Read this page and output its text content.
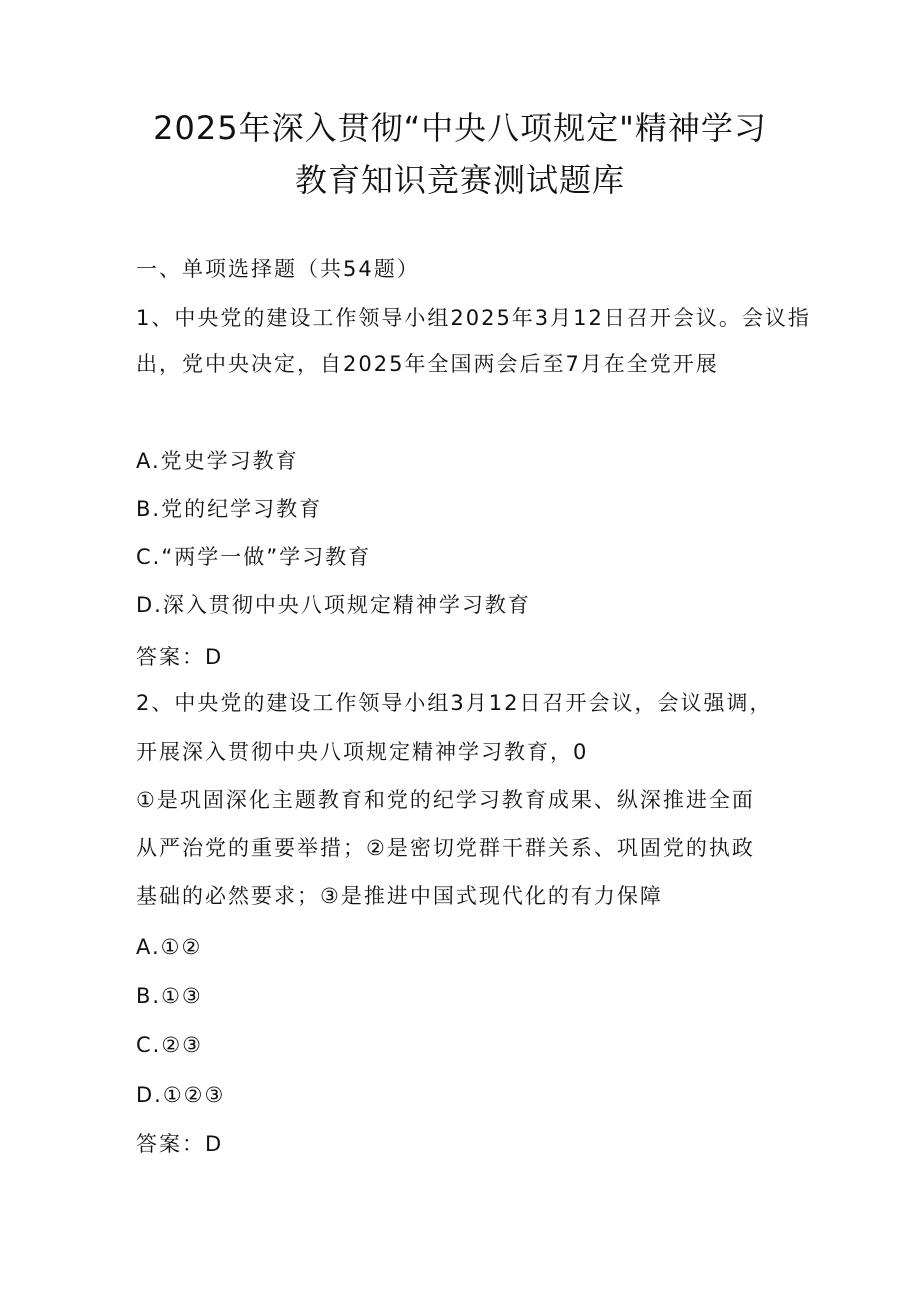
2025年深入贯彻“中央八项规定"精神学习
教育知识竞赛测试题库

一、单项选择题（共54题）

1、中央党的建设工作领导小组2025年3月12日召开会议。会议指

出，党中央决定，自2025年全国两会后至7月在全党开展

A.党史学习教育

B.党的纪学习教育

C.“两学一做”学习教育

D.深入贯彻中央八项规定精神学习教育

答案：D

2、中央党的建设工作领导小组3月12日召开会议，会议强调，

开展深入贯彻中央八项规定精神学习教育，0

①是巩固深化主题教育和党的纪学习教育成果、纵深推进全面

从严治党的重要举措；②是密切党群干群关系、巩固党的执政

基础的必然要求；③是推进中国式现代化的有力保障

A.①②

B.①③

C.②③

D.①②③

答案：D
